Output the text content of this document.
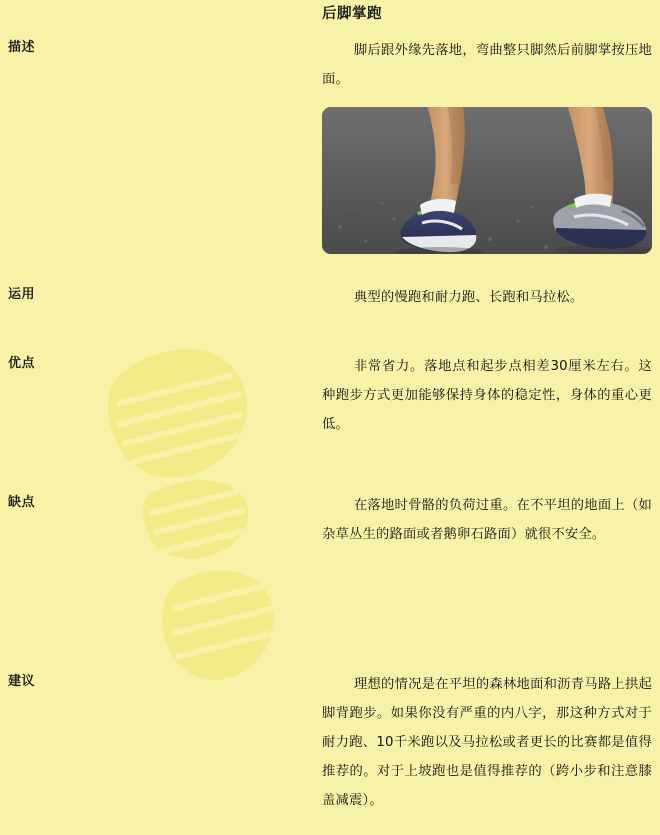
后脚掌跑
描述	脚后跟外缘先落地，弯曲整只脚然后前脚掌按压地面。
运用	典型的慢跑和耐力跑、长跑和马拉松。
优点	非常省力。落地点和起步点相差30厘米左右。这种跑步方式更加能够保持身体的稳定性，身体的重心更低。
缺点	在落地时骨骼的负荷过重。在不平坦的地面上（如杂草丛生的路面或者鹅卵石路面）就很不安全。
建议	理想的情况是在平坦的森林地面和沥青马路上拱起脚背跑步。如果你没有严重的内八字，那这种方式对于耐力跑、10千米跑以及马拉松或者更长的比赛都是值得推荐的。对于上坡跑也是值得推荐的（跨小步和注意膝盖减震）。
